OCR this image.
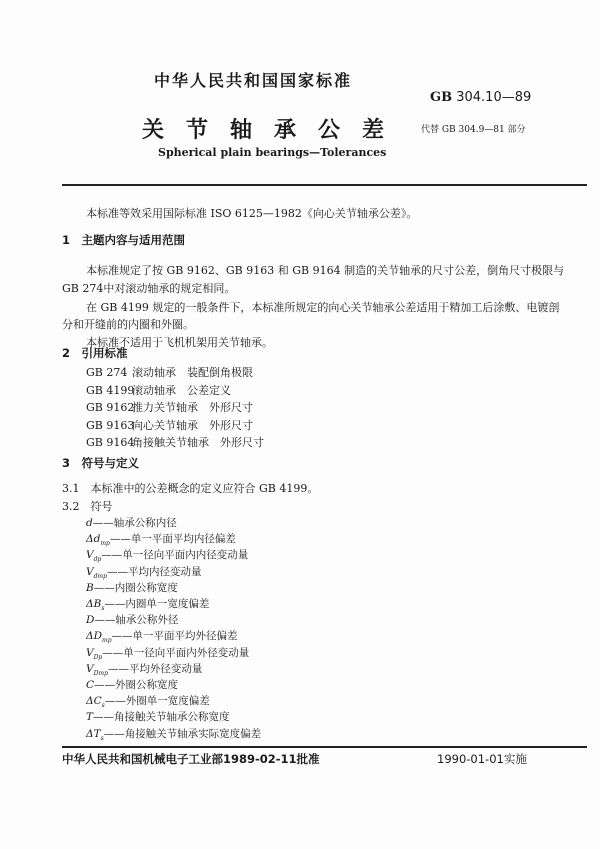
中华人民共和国国家标准
GB 304.10—89
关节轴承公差 代替 GB 304.9—81 部分
Spherical plain bearings—Tolerances
本标准等效采用国际标准 ISO 6125—1982《向心关节轴承公差》。
1　主题内容与适用范围
本标准规定了按 GB 9162、GB 9163 和 GB 9164 制造的关节轴承的尺寸公差，倒角尺寸极限与
GB 274中对滚动轴承的规定相同。
在 GB 4199 规定的一般条件下，本标准所规定的向心关节轴承公差适用于精加工后涂敷、电镀剖
分和开缝前的内圈和外圈。
本标准不适用于飞机机架用关节轴承。
2　引用标准
GB 274 滚动轴承　装配倒角极限
GB 4199滚动轴承　公差定义
GB 9162推力关节轴承　外形尺寸
GB 9163向心关节轴承　外形尺寸
GB 9164角接触关节轴承　外形尺寸
3　符号与定义
3.1　本标准中的公差概念的定义应符合 GB 4199。
3.2　符号
d——轴承公称内径
$\Delta d_{mp}——$单一平面平均内径偏差
$V_{dp}——$单一径向平面内内径变动量
$V_{dmp}——$平均内径变动量
B——内圈公称宽度
$\Delta B_s——$内圈单一宽度偏差
D——轴承公称外径
$\Delta D_{mp}——$单一平面平均外径偏差
$V_{Dp}——$单一径向平面内外径变动量
$V_{Dmp}——$平均外径变动量
C——外圈公称宽度
$\Delta C_s——$外圈单一宽度偏差
T——角接触关节轴承公称宽度
$\Delta T_s——$角接触关节轴承实际宽度偏差
中华人民共和国机械电子工业部1989-02-11批准	1990-01-01实施
